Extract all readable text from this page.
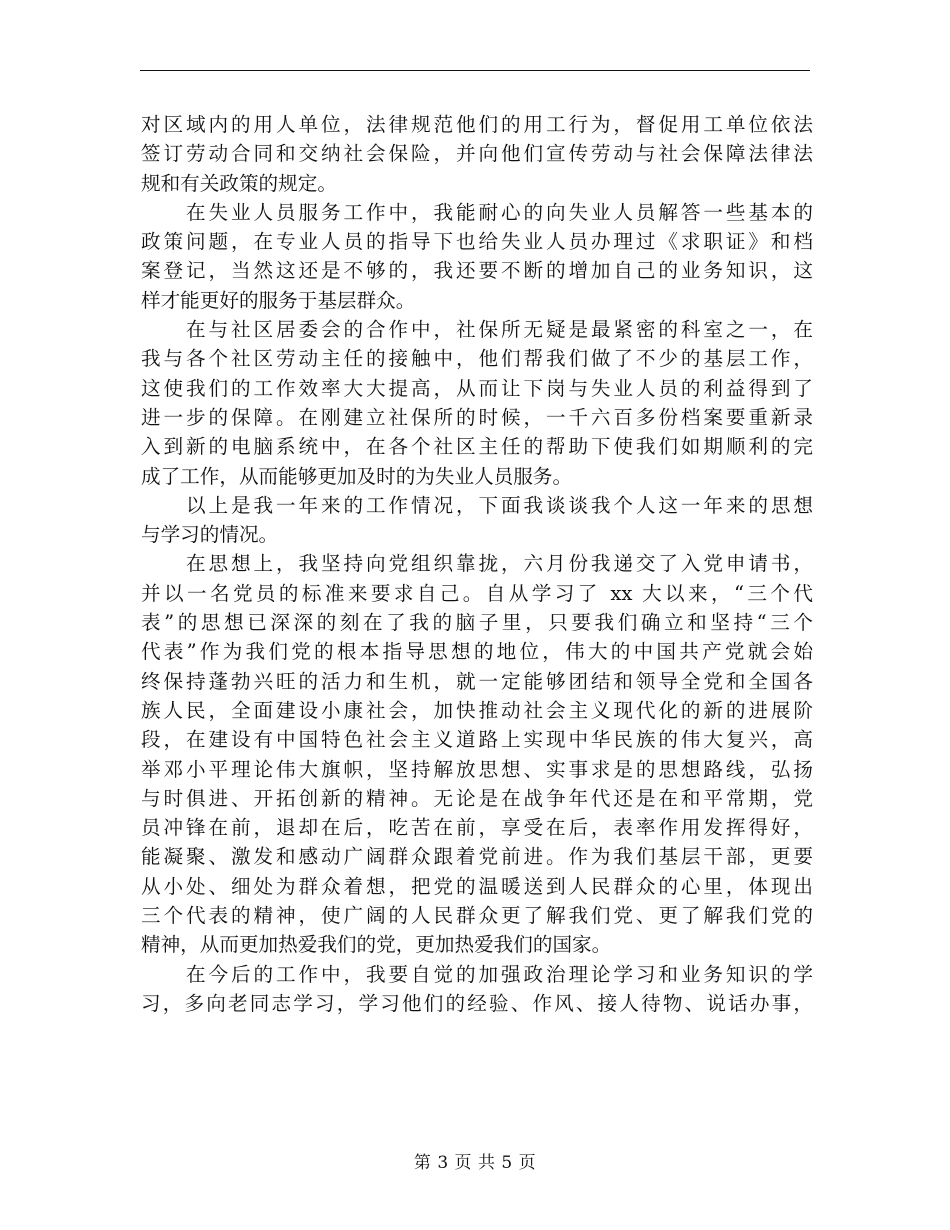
对区域内的用人单位，法律规范他们的用工行为，督促用工单位依法
签订劳动合同和交纳社会保险，并向他们宣传劳动与社会保障法律法
规和有关政策的规定。
在失业人员服务工作中，我能耐心的向失业人员解答一些基本的
政策问题，在专业人员的指导下也给失业人员办理过《求职证》和档
案登记，当然这还是不够的，我还要不断的增加自己的业务知识，这
样才能更好的服务于基层群众。
在与社区居委会的合作中，社保所无疑是最紧密的科室之一，在
我与各个社区劳动主任的接触中，他们帮我们做了不少的基层工作，
这使我们的工作效率大大提高，从而让下岗与失业人员的利益得到了
进一步的保障。在刚建立社保所的时候，一千六百多份档案要重新录
入到新的电脑系统中，在各个社区主任的帮助下使我们如期顺利的完
成了工作，从而能够更加及时的为失业人员服务。
以上是我一年来的工作情况，下面我谈谈我个人这一年来的思想
与学习的情况。
在思想上，我坚持向党组织靠拢，六月份我递交了入党申请书，
并以一名党员的标准来要求自己。自从学习了 xx 大以来，“三个代
表”的思想已深深的刻在了我的脑子里，只要我们确立和坚持“三个
代表”作为我们党的根本指导思想的地位，伟大的中国共产党就会始
终保持蓬勃兴旺的活力和生机，就一定能够团结和领导全党和全国各
族人民，全面建设小康社会，加快推动社会主义现代化的新的进展阶
段，在建设有中国特色社会主义道路上实现中华民族的伟大复兴，高
举邓小平理论伟大旗帜，坚持解放思想、实事求是的思想路线，弘扬
与时俱进、开拓创新的精神。无论是在战争年代还是在和平常期，党
员冲锋在前，退却在后，吃苦在前，享受在后，表率作用发挥得好，
能凝聚、激发和感动广阔群众跟着党前进。作为我们基层干部，更要
从小处、细处为群众着想，把党的温暖送到人民群众的心里，体现出
三个代表的精神，使广阔的人民群众更了解我们党、更了解我们党的
精神，从而更加热爱我们的党，更加热爱我们的国家。
在今后的工作中，我要自觉的加强政治理论学习和业务知识的学
习，多向老同志学习，学习他们的经验、作风、接人待物、说话办事，
第 3 页 共 5 页
